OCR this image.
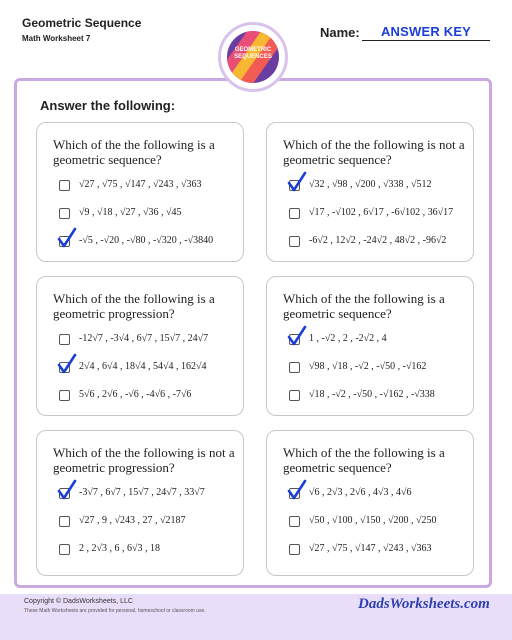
Geometric Sequence
Math Worksheet 7	Name:	ANSWER KEY
GEOMETRIC
SEQUENCES
Answer the following:
Which of the the following is a geometric sequence?
√27 , √75 , √147 , √243 , √363
√9 , √18 , √27 , √36 , √45
-√5 , -√20 , -√80 , -√320 , -√3840
Which of the the following is not a geometric sequence?
√32 , √98 , √200 , √338 , √512
√17 , -√102 , 6√17 , -6√102 , 36√17
-6√2 , 12√2 , -24√2 , 48√2 , -96√2
Which of the the following is a geometric progression?
-12√7 , -3√4 , 6√7 , 15√7 , 24√7
2√4 , 6√4 , 18√4 , 54√4 , 162√4
5√6 , 2√6 , -√6 , -4√6 , -7√6
Which of the the following is a geometric sequence?
1 , -√2 , 2 , -2√2 , 4
√98 , √18 , -√2 , -√50 , -√162
√18 , -√2 , -√50 , -√162 , -√338
Which of the the following is not a geometric progression?
-3√7 , 6√7 , 15√7 , 24√7 , 33√7
√27 , 9 , √243 , 27 , √2187
2 , 2√3 , 6 , 6√3 , 18
Which of the the following is a geometric sequence?
√6 , 2√3 , 2√6 , 4√3 , 4√6
√50 , √100 , √150 , √200 , √250
√27 , √75 , √147 , √243 , √363
Copyright © DadsWorksheets, LLC
These Math Worksheets are provided for personal, homeschool or classroom use.	DadsWorksheets.com
